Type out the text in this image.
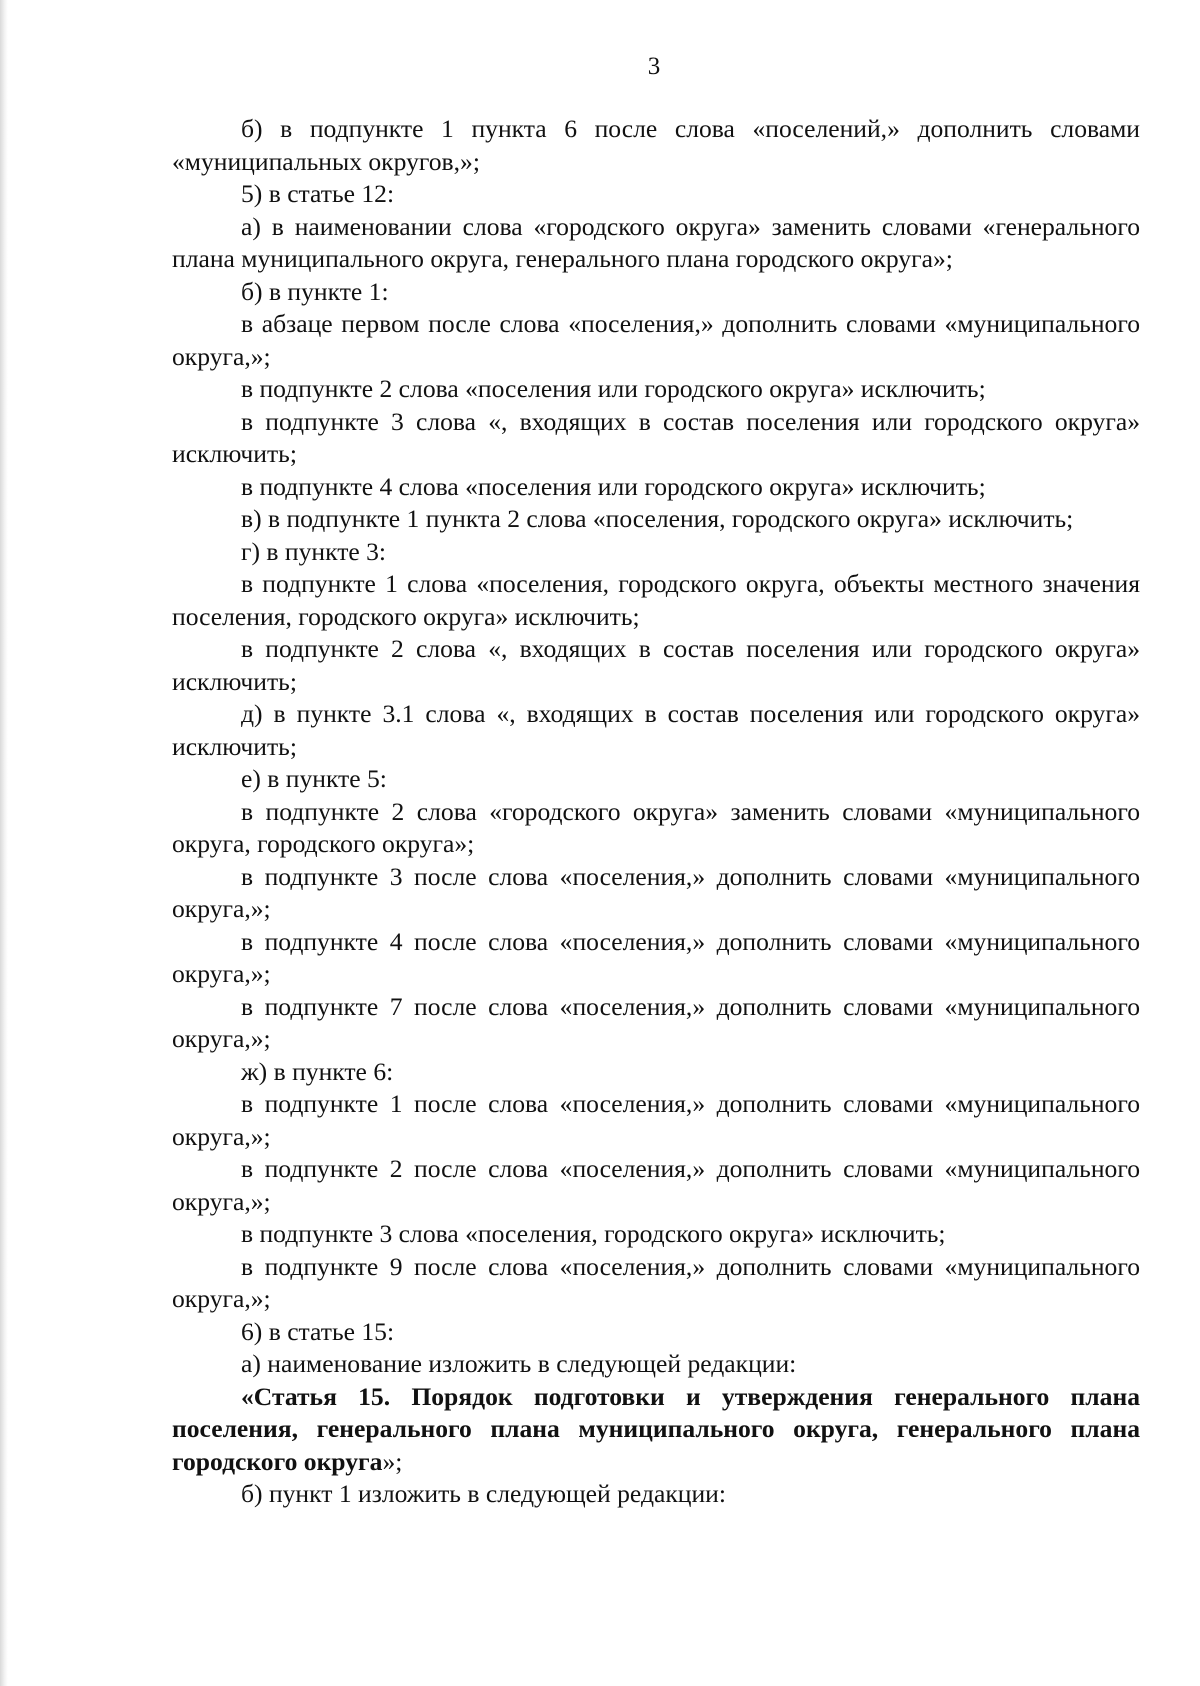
3

б) в подпункте 1 пункта 6 после слова «поселений,» дополнить словами «муниципальных округов,»;

5) в статье 12:

а) в наименовании слова «городского округа» заменить словами «генерального плана муниципального округа, генерального плана городского округа»;

б) в пункте 1:

в абзаце первом после слова «поселения,» дополнить словами «муниципального округа,»;

в подпункте 2 слова «поселения или городского округа» исключить;

в подпункте 3 слова «, входящих в состав поселения или городского округа» исключить;

в подпункте 4 слова «поселения или городского округа» исключить;

в) в подпункте 1 пункта 2 слова «поселения, городского округа» исключить;

г) в пункте 3:

в подпункте 1 слова «поселения, городского округа, объекты местного значения поселения, городского округа» исключить;

в подпункте 2 слова «, входящих в состав поселения или городского округа» исключить;

д) в пункте 3.1 слова «, входящих в состав поселения или городского округа» исключить;

е) в пункте 5:

в подпункте 2 слова «городского округа» заменить словами «муниципального округа, городского округа»;

в подпункте 3 после слова «поселения,» дополнить словами «муниципального округа,»;

в подпункте 4 после слова «поселения,» дополнить словами «муниципального округа,»;

в подпункте 7 после слова «поселения,» дополнить словами «муниципального округа,»;

ж) в пункте 6:

в подпункте 1 после слова «поселения,» дополнить словами «муниципального округа,»;

в подпункте 2 после слова «поселения,» дополнить словами «муниципального округа,»;

в подпункте 3 слова «поселения, городского округа» исключить;

в подпункте 9 после слова «поселения,» дополнить словами «муниципального округа,»;

6) в статье 15:

а) наименование изложить в следующей редакции:

«Статья 15. Порядок подготовки и утверждения генерального плана поселения, генерального плана муниципального округа, генерального плана городского округа»;

б) пункт 1 изложить в следующей редакции:
